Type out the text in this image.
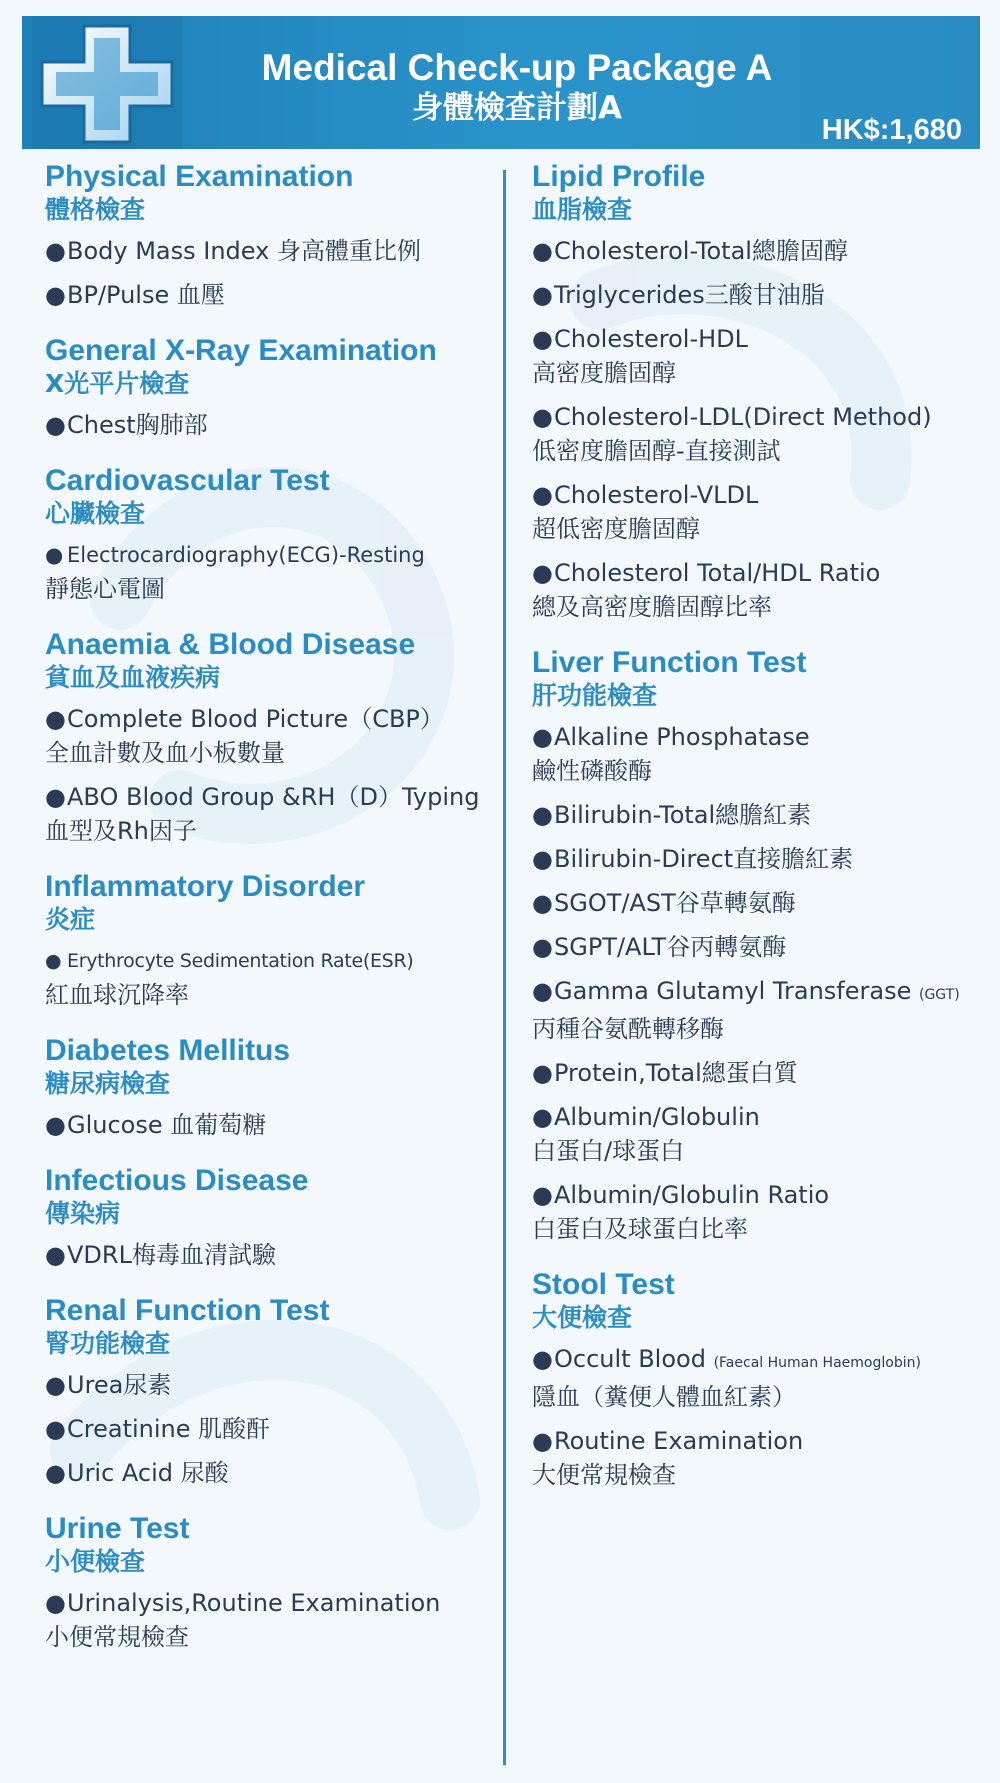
Medical Check-up Package A
身體檢查計劃A
HK$:1,680
Physical Examination
體格檢查
●Body Mass Index 身高體重比例
●BP/Pulse 血壓
General X-Ray Examination
X光平片檢查
●Chest胸肺部
Cardiovascular Test
心臟檢查
● Electrocardiography(ECG)-Resting
靜態心電圖
Anaemia & Blood Disease
貧血及血液疾病
●Complete Blood Picture（CBP）
全血計數及血小板數量
●ABO Blood Group &RH（D）Typing
血型及Rh因子
Inflammatory Disorder
炎症
● Erythrocyte Sedimentation Rate(ESR)
紅血球沉降率
Diabetes Mellitus
糖尿病檢查
●Glucose 血葡萄糖
Infectious Disease
傳染病
●VDRL梅毒血清試驗
Renal Function Test
腎功能檢查
●Urea尿素
●Creatinine 肌酸酐
●Uric Acid 尿酸
Urine Test
小便檢查
●Urinalysis,Routine Examination
小便常規檢查
Lipid Profile
血脂檢查
●Cholesterol-Total總膽固醇
●Triglycerides三酸甘油脂
●Cholesterol-HDL
高密度膽固醇
●Cholesterol-LDL(Direct Method)
低密度膽固醇-直接測試
●Cholesterol-VLDL
超低密度膽固醇
●Cholesterol Total/HDL Ratio
總及高密度膽固醇比率
Liver Function Test
肝功能檢查
●Alkaline Phosphatase
鹼性磷酸酶
●Bilirubin-Total總膽紅素
●Bilirubin-Direct直接膽紅素
●SGOT/AST谷草轉氨酶
●SGPT/ALT谷丙轉氨酶
●Gamma Glutamyl Transferase (GGT)
丙種谷氨酰轉移酶
●Protein,Total總蛋白質
●Albumin/Globulin
白蛋白/球蛋白
●Albumin/Globulin Ratio
白蛋白及球蛋白比率
Stool Test
大便檢查
●Occult Blood (Faecal Human Haemoglobin)
隱血（糞便人體血紅素）
●Routine Examination
大便常規檢查
